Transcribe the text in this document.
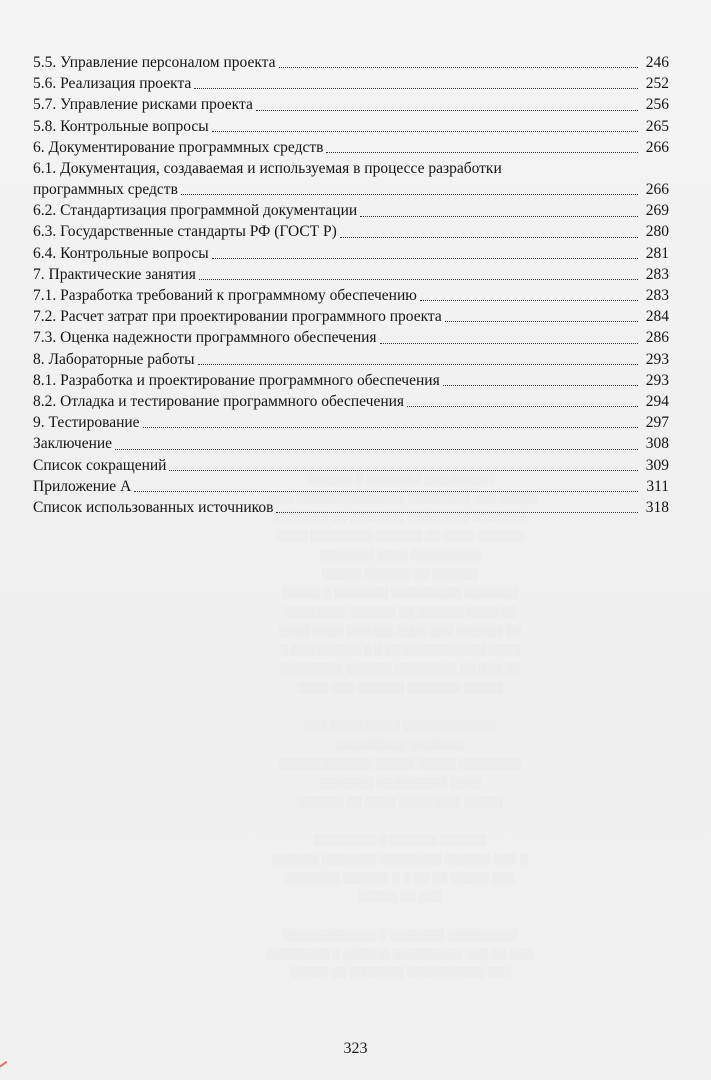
░░░░░░ ░ ░░░░░░░ ░░░░░░░░░
░░░░ ░░░░░░░░░░░░░░ ░░░░░░░░ ░░░ ░░░░░
░░░░░░░ ░░ ░░░░░░░ ░░░░░░░░ ░░░░░░░
░░░░ ░░░░░░░░ ░░░░░░ ░░ ░░░░ ░░░░░░
░░░░░░░ ░░░░ ░░░░░░░░░
░░░░░ ░░░░░░ ░░ ░░░░░░
░░░░░ ░ ░░░░░░░ ░░░░░░░░░ ░░░░░░░
░░░░░░░░ ░░░░░░ ░░ ░░░░░░ ░░░░ ░░
░░░░ ░░░░ ░░░░░░ ░░░░ ░░░ ░░░░░░ ░░
░ ░░░░░░░░░ ░ ░ ░░░░░░░░░░░░░ ░░░░
░░░░░░░░ ░░░░░░ ░░░░░░░░ ░░ ░░░ ░░
░░░░ ░░░ ░░░░░░ ░░░░░░░ ░░░░░

░░░ ░░░░░░░░░ ░░░░░░░░░░░░
░░░░░░░░░ ░░░░░░░
░░░░░░░░░░░░ ░░░░░ ░░░░░ ░░░░░░░░
░░░░░░░ ░░░░░░░░░ ░░░░
░░░░░░ ░░ ░░░░ ░░░░░░░░ ░░░░░

░░░░░░░░ ░ ░░░░░░ ░░░░░░
░░░░░░ ░░░░░░░ ░░░░░░░░ ░░░░░░ ░░░ ░
░░░░░░░ ░░░░░░ ░ ░ ░░ ░░ ░░░░░ ░░░
░░░░░ ░░ ░░░

░░░░░░░░░░░░ ░ ░░░░░░░ ░░░░░░░░░
░░░░░░░░ ░ ░░░░░░ ░░░░░░░░░ ░░░ ░░ ░░░
░░░░░ ░░ ░░░░░░░ ░░░░░░░░░░ ░░░
5.5. Управление персоналом проекта	246
5.6. Реализация проекта	252
5.7. Управление рисками проекта	256
5.8. Контрольные вопросы	265
6. Документирование программных средств	266
6.1. Документация, создаваемая и используемая в процессе разработки
программных средств	266
6.2. Стандартизация программной документации	269
6.3. Государственные стандарты РФ (ГОСТ Р)	280
6.4. Контрольные вопросы	281
7. Практические занятия	283
7.1. Разработка требований к программному обеспечению	283
7.2. Расчет затрат при проектировании программного проекта	284
7.3. Оценка надежности программного обеспечения	286
8. Лабораторные работы	293
8.1. Разработка и проектирование программного обеспечения	293
8.2. Отладка и тестирование программного обеспечения	294
9. Тестирование	297
Заключение	308
Список сокращений	309
Приложение А	311
Список использованных источников	318
323
